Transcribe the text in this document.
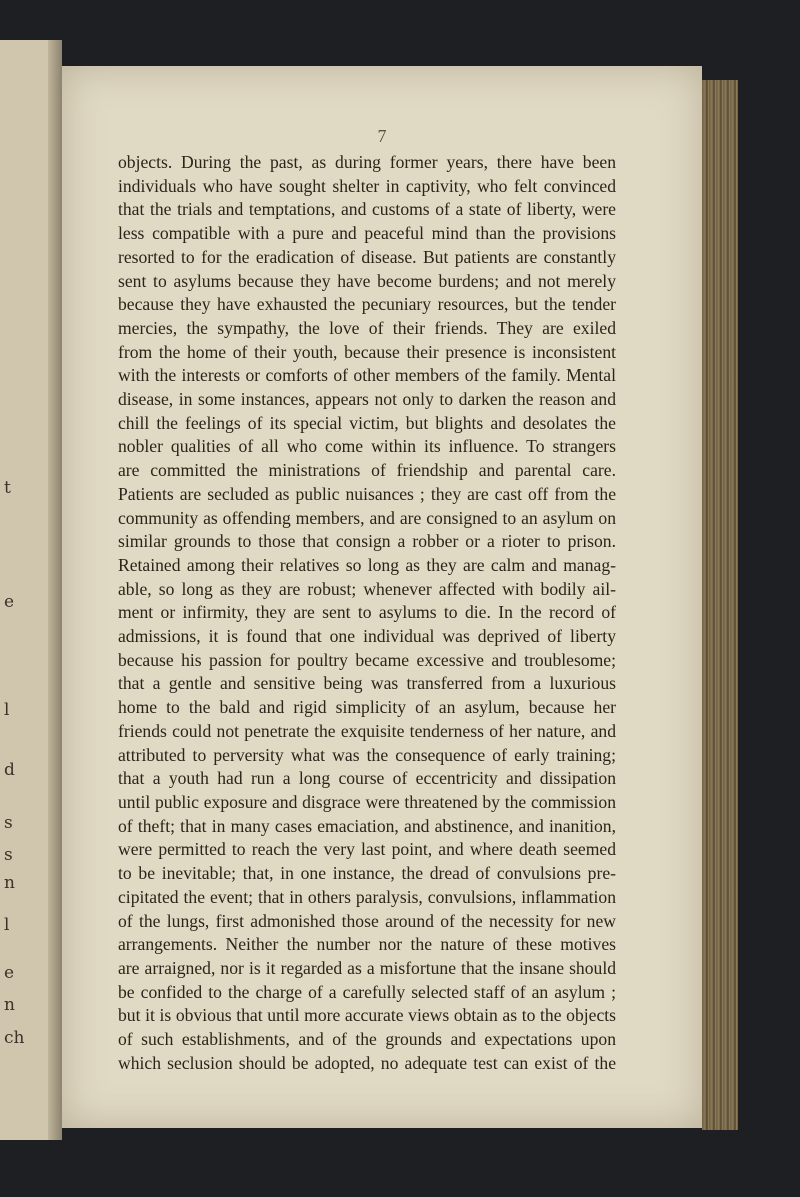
t
e
l
d
s
s
n
l
e
n
ch
7
objects. During the past, as during former years, there have been
individuals who have sought shelter in captivity, who felt convinced
that the trials and temptations, and customs of a state of liberty, were
less compatible with a pure and peaceful mind than the provisions
resorted to for the eradication of disease. But patients are constantly
sent to asylums because they have become burdens; and not merely
because they have exhausted the pecuniary resources, but the tender
mercies, the sympathy, the love of their friends. They are exiled
from the home of their youth, because their presence is inconsistent
with the interests or comforts of other members of the family. Mental
disease, in some instances, appears not only to darken the reason and
chill the feelings of its special victim, but blights and desolates the
nobler qualities of all who come within its influence. To strangers
are committed the ministrations of friendship and parental care.
Patients are secluded as public nuisances ; they are cast off from the
community as offending members, and are consigned to an asylum on
similar grounds to those that consign a robber or a rioter to prison.
Retained among their relatives so long as they are calm and manag-
able, so long as they are robust; whenever affected with bodily ail-
ment or infirmity, they are sent to asylums to die. In the record of
admissions, it is found that one individual was deprived of liberty
because his passion for poultry became excessive and troublesome;
that a gentle and sensitive being was transferred from a luxurious
home to the bald and rigid simplicity of an asylum, because her
friends could not penetrate the exquisite tenderness of her nature, and
attributed to perversity what was the consequence of early training;
that a youth had run a long course of eccentricity and dissipation
until public exposure and disgrace were threatened by the commission
of theft; that in many cases emaciation, and abstinence, and inanition,
were permitted to reach the very last point, and where death seemed
to be inevitable; that, in one instance, the dread of convulsions pre-
cipitated the event; that in others paralysis, convulsions, inflammation
of the lungs, first admonished those around of the necessity for new
arrangements. Neither the number nor the nature of these motives
are arraigned, nor is it regarded as a misfortune that the insane should
be confided to the charge of a carefully selected staff of an asylum ;
but it is obvious that until more accurate views obtain as to the objects
of such establishments, and of the grounds and expectations upon
which seclusion should be adopted, no adequate test can exist of the
